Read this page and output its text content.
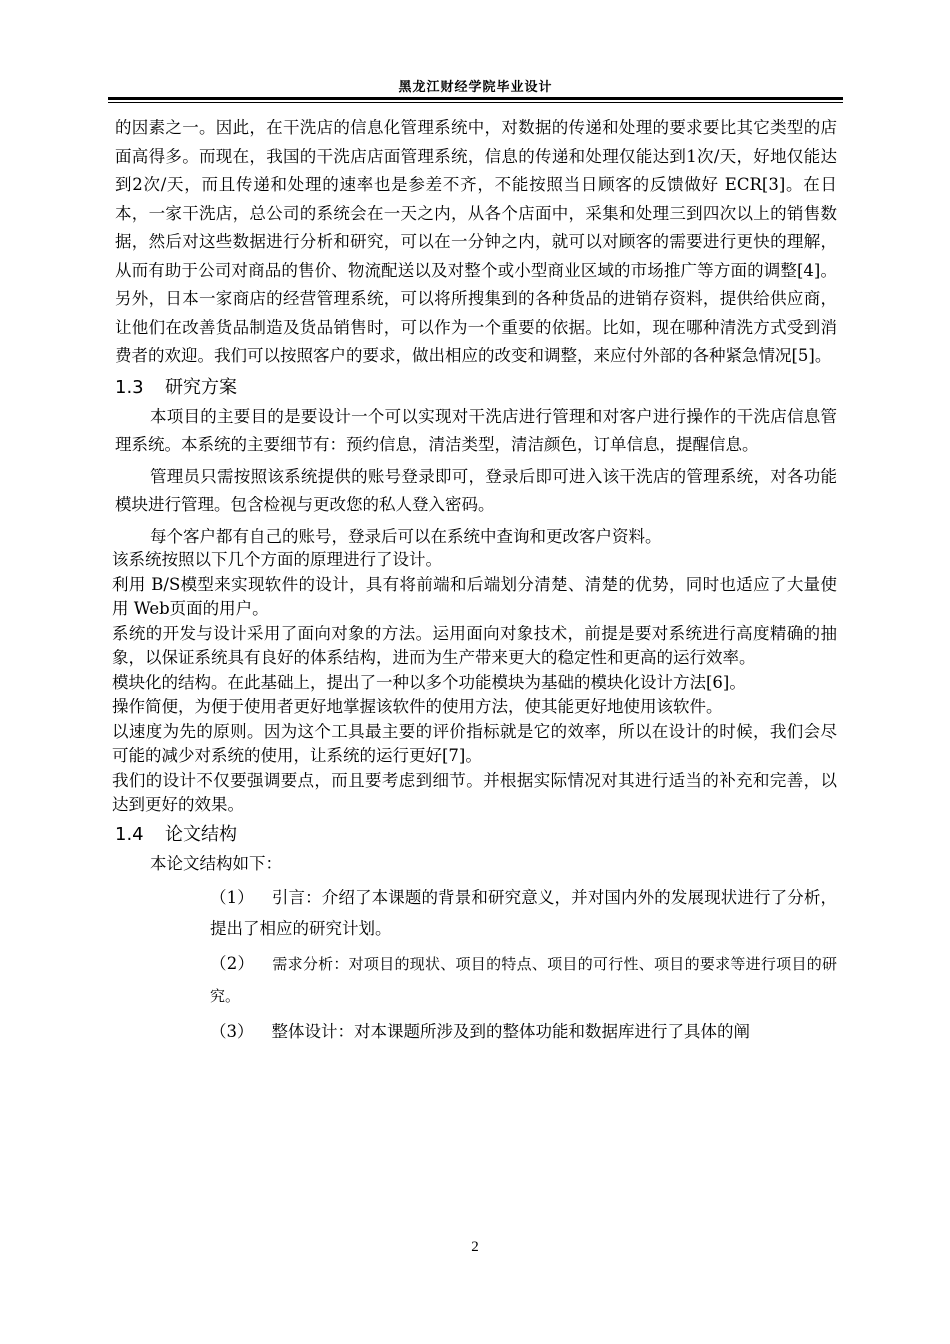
黑龙江财经学院毕业设计

的因素之一。因此，在干洗店的信息化管理系统中，对数据的传递和处理的要求要比其它类型的店面高得多。而现在，我国的干洗店店面管理系统，信息的传递和处理仅能达到1次/天，好地仅能达到2次/天，而且传递和处理的速率也是参差不齐，不能按照当日顾客的反馈做好 ECR[3]。在日本，一家干洗店，总公司的系统会在一天之内，从各个店面中，采集和处理三到四次以上的销售数据，然后对这些数据进行分析和研究，可以在一分钟之内，就可以对顾客的需要进行更快的理解，从而有助于公司对商品的售价、物流配送以及对整个或小型商业区域的市场推广等方面的调整[4]。另外，日本一家商店的经营管理系统，可以将所搜集到的各种货品的进销存资料，提供给供应商，让他们在改善货品制造及货品销售时，可以作为一个重要的依据。比如，现在哪种清洗方式受到消费者的欢迎。我们可以按照客户的要求，做出相应的改变和调整，来应付外部的各种紧急情况[5]。

1.3 研究方案

本项目的主要目的是要设计一个可以实现对干洗店进行管理和对客户进行操作的干洗店信息管理系统。本系统的主要细节有：预约信息，清洁类型，清洁颜色，订单信息，提醒信息。

管理员只需按照该系统提供的账号登录即可，登录后即可进入该干洗店的管理系统，对各功能模块进行管理。包含检视与更改您的私人登入密码。

每个客户都有自己的账号，登录后可以在系统中查询和更改客户资料。

该系统按照以下几个方面的原理进行了设计。

利用 B/S模型来实现软件的设计，具有将前端和后端划分清楚、清楚的优势，同时也适应了大量使用 Web页面的用户。

系统的开发与设计采用了面向对象的方法。运用面向对象技术，前提是要对系统进行高度精确的抽象，以保证系统具有良好的体系结构，进而为生产带来更大的稳定性和更高的运行效率。

模块化的结构。在此基础上，提出了一种以多个功能模块为基础的模块化设计方法[6]。

操作简便，为便于使用者更好地掌握该软件的使用方法，使其能更好地使用该软件。

以速度为先的原则。因为这个工具最主要的评价指标就是它的效率，所以在设计的时候，我们会尽可能的减少对系统的使用，让系统的运行更好[7]。

我们的设计不仅要强调要点，而且要考虑到细节。并根据实际情况对其进行适当的补充和完善，以达到更好的效果。

1.4 论文结构

本论文结构如下：

（1） 引言：介绍了本课题的背景和研究意义，并对国内外的发展现状进行了分析，提出了相应的研究计划。

（2） 需求分析：对项目的现状、项目的特点、项目的可行性、项目的要求等进行项目的研究。

（3） 整体设计：对本课题所涉及到的整体功能和数据库进行了具体的阐

2
